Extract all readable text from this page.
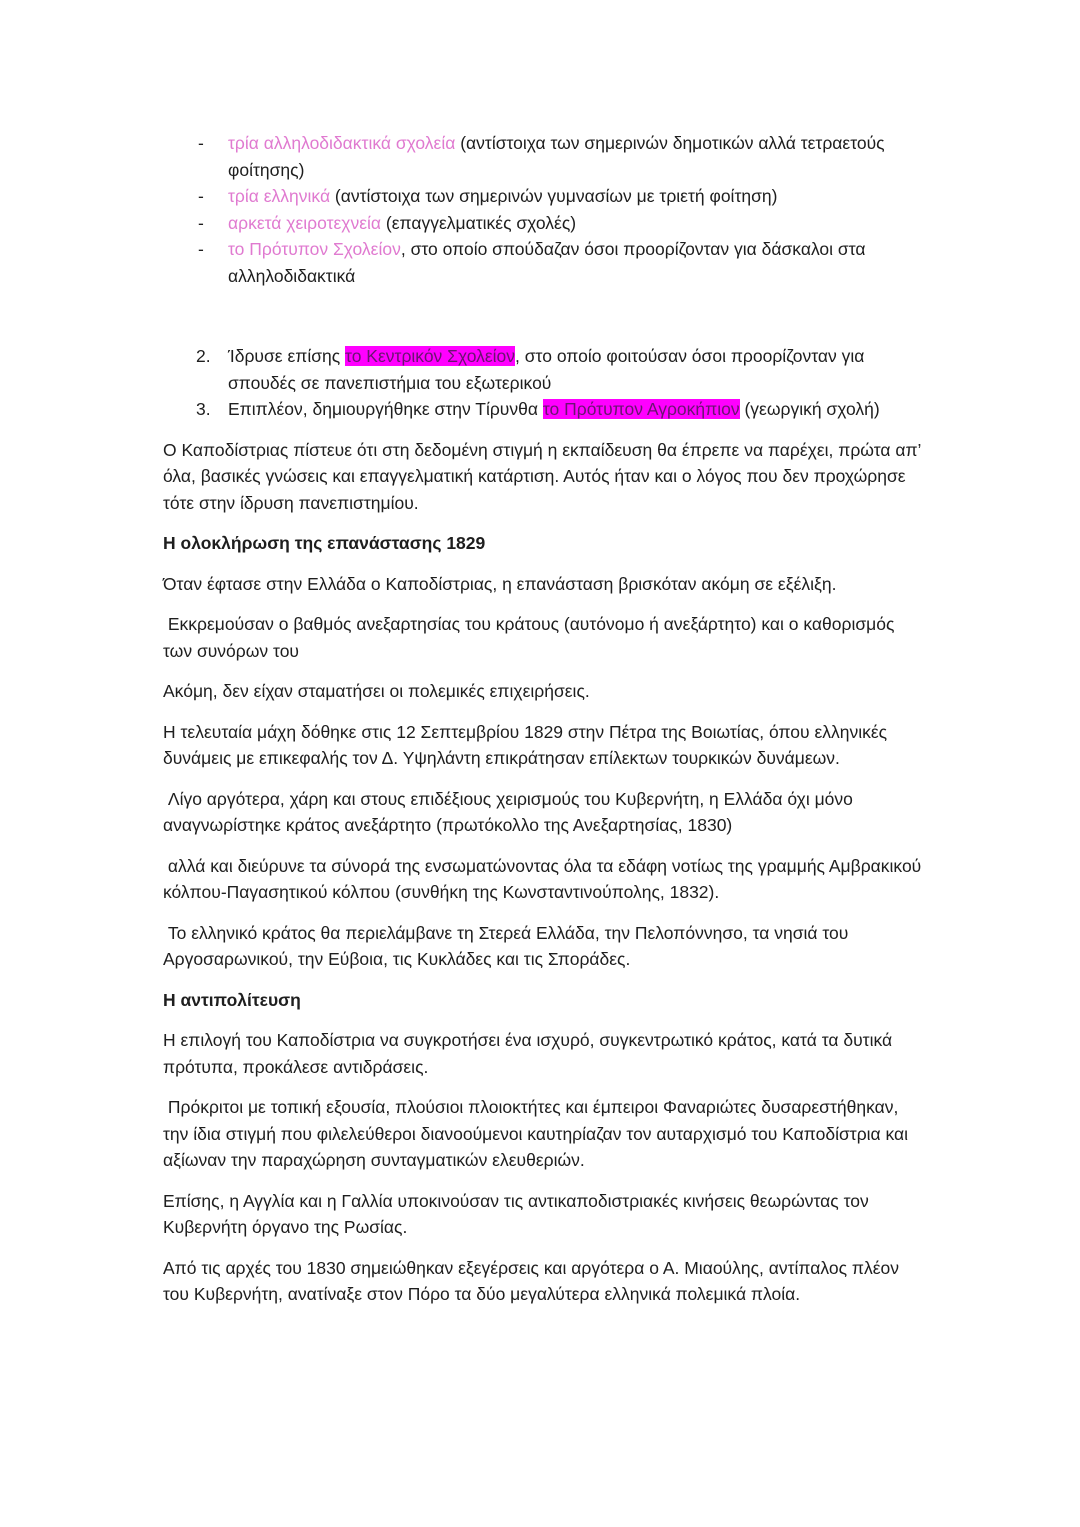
- τρία αλληλοδιδακτικά σχολεία (αντίστοιχα των σημερινών δημοτικών αλλά τετραετούς φοίτησης)
- τρία ελληνικά (αντίστοιχα των σημερινών γυμνασίων με τριετή φοίτηση)
- αρκετά χειροτεχνεία (επαγγελματικές σχολές)
- το Πρότυπον Σχολείον, στο οποίο σπούδαζαν όσοι προορίζονταν για δάσκαλοι στα αλληλοδιδακτικά
2. Ίδρυσε επίσης το Κεντρικόν Σχολείον, στο οποίο φοιτούσαν όσοι προορίζονταν για σπουδές σε πανεπιστήμια του εξωτερικού
3. Επιπλέον, δημιουργήθηκε στην Τίρυνθα το Πρότυπον Αγροκήπιον (γεωργική σχολή)

Ο Καποδίστριας πίστευε ότι στη δεδομένη στιγμή η εκπαίδευση θα έπρεπε να παρέχει, πρώτα απ’ όλα, βασικές γνώσεις και επαγγελματική κατάρτιση. Αυτός ήταν και ο λόγος που δεν προχώρησε τότε στην ίδρυση πανεπιστημίου.

Η ολοκλήρωση της επανάστασης 1829

Όταν έφτασε στην Ελλάδα ο Καποδίστριας, η επανάσταση βρισκόταν ακόμη σε εξέλιξη.

Εκκρεμούσαν ο βαθμός ανεξαρτησίας του κράτους (αυτόνομο ή ανεξάρτητο) και ο καθορισμός των συνόρων του

Ακόμη, δεν είχαν σταματήσει οι πολεμικές επιχειρήσεις.

Η τελευταία μάχη δόθηκε στις 12 Σεπτεμβρίου 1829 στην Πέτρα της Βοιωτίας, όπου ελληνικές δυνάμεις με επικεφαλής τον Δ. Υψηλάντη επικράτησαν επίλεκτων τουρκικών δυνάμεων.

Λίγο αργότερα, χάρη και στους επιδέξιους χειρισμούς του Κυβερνήτη, η Ελλάδα όχι μόνο αναγνωρίστηκε κράτος ανεξάρτητο (πρωτόκολλο της Ανεξαρτησίας, 1830)

αλλά και διεύρυνε τα σύνορά της ενσωματώνοντας όλα τα εδάφη νοτίως της γραμμής Αμβρακικού κόλπου-Παγασητικού κόλπου (συνθήκη της Κωνσταντινούπολης, 1832).

Το ελληνικό κράτος θα περιελάμβανε τη Στερεά Ελλάδα, την Πελοπόννησο, τα νησιά του Αργοσαρωνικού, την Εύβοια, τις Κυκλάδες και τις Σποράδες.

Η αντιπολίτευση

Η επιλογή του Καποδίστρια να συγκροτήσει ένα ισχυρό, συγκεντρωτικό κράτος, κατά τα δυτικά πρότυπα, προκάλεσε αντιδράσεις.

Πρόκριτοι με τοπική εξουσία, πλούσιοι πλοιοκτήτες και έμπειροι Φαναριώτες δυσαρεστήθηκαν, την ίδια στιγμή που φιλελεύθεροι διανοούμενοι καυτηρίαζαν τον αυταρχισμό του Καποδίστρια και αξίωναν την παραχώρηση συνταγματικών ελευθεριών.

Επίσης, η Αγγλία και η Γαλλία υποκινούσαν τις αντικαποδιστριακές κινήσεις θεωρώντας τον Κυβερνήτη όργανο της Ρωσίας.

Από τις αρχές του 1830 σημειώθηκαν εξεγέρσεις και αργότερα ο Α. Μιαούλης, αντίπαλος πλέον του Κυβερνήτη, ανατίναξε στον Πόρο τα δύο μεγαλύτερα ελληνικά πολεμικά πλοία.
